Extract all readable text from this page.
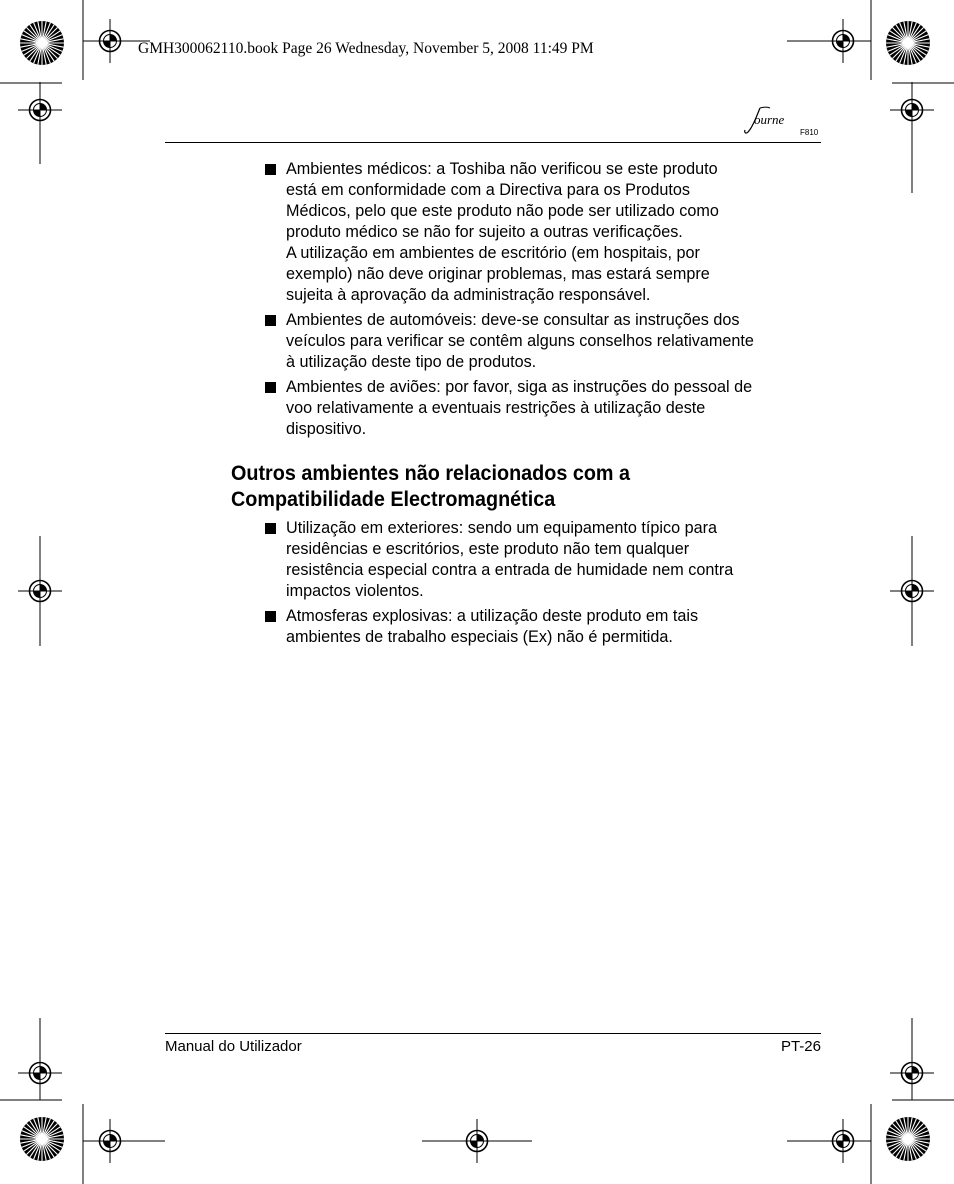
GMH300062110.book Page 26 Wednesday, November 5, 2008 11:49 PM
ourne
F810
Ambientes médicos: a Toshiba não verificou se este produto
está em conformidade com a Directiva para os Produtos
Médicos, pelo que este produto não pode ser utilizado como
produto médico se não for sujeito a outras verificações.
A utilização em ambientes de escritório (em hospitais, por
exemplo) não deve originar problemas, mas estará sempre
sujeita à aprovação da administração responsável.
Ambientes de automóveis: deve-se consultar as instruções dos
veículos para verificar se contêm alguns conselhos relativamente
à utilização deste tipo de produtos.
Ambientes de aviões: por favor, siga as instruções do pessoal de
voo relativamente a eventuais restrições à utilização deste
dispositivo.
Outros ambientes não relacionados com a
Compatibilidade Electromagnética
Utilização em exteriores: sendo um equipamento típico para
residências e escritórios, este produto não tem qualquer
resistência especial contra a entrada de humidade nem contra
impactos violentos.
Atmosferas explosivas: a utilização deste produto em tais
ambientes de trabalho especiais (Ex) não é permitida.
Manual do Utilizador	PT-26
